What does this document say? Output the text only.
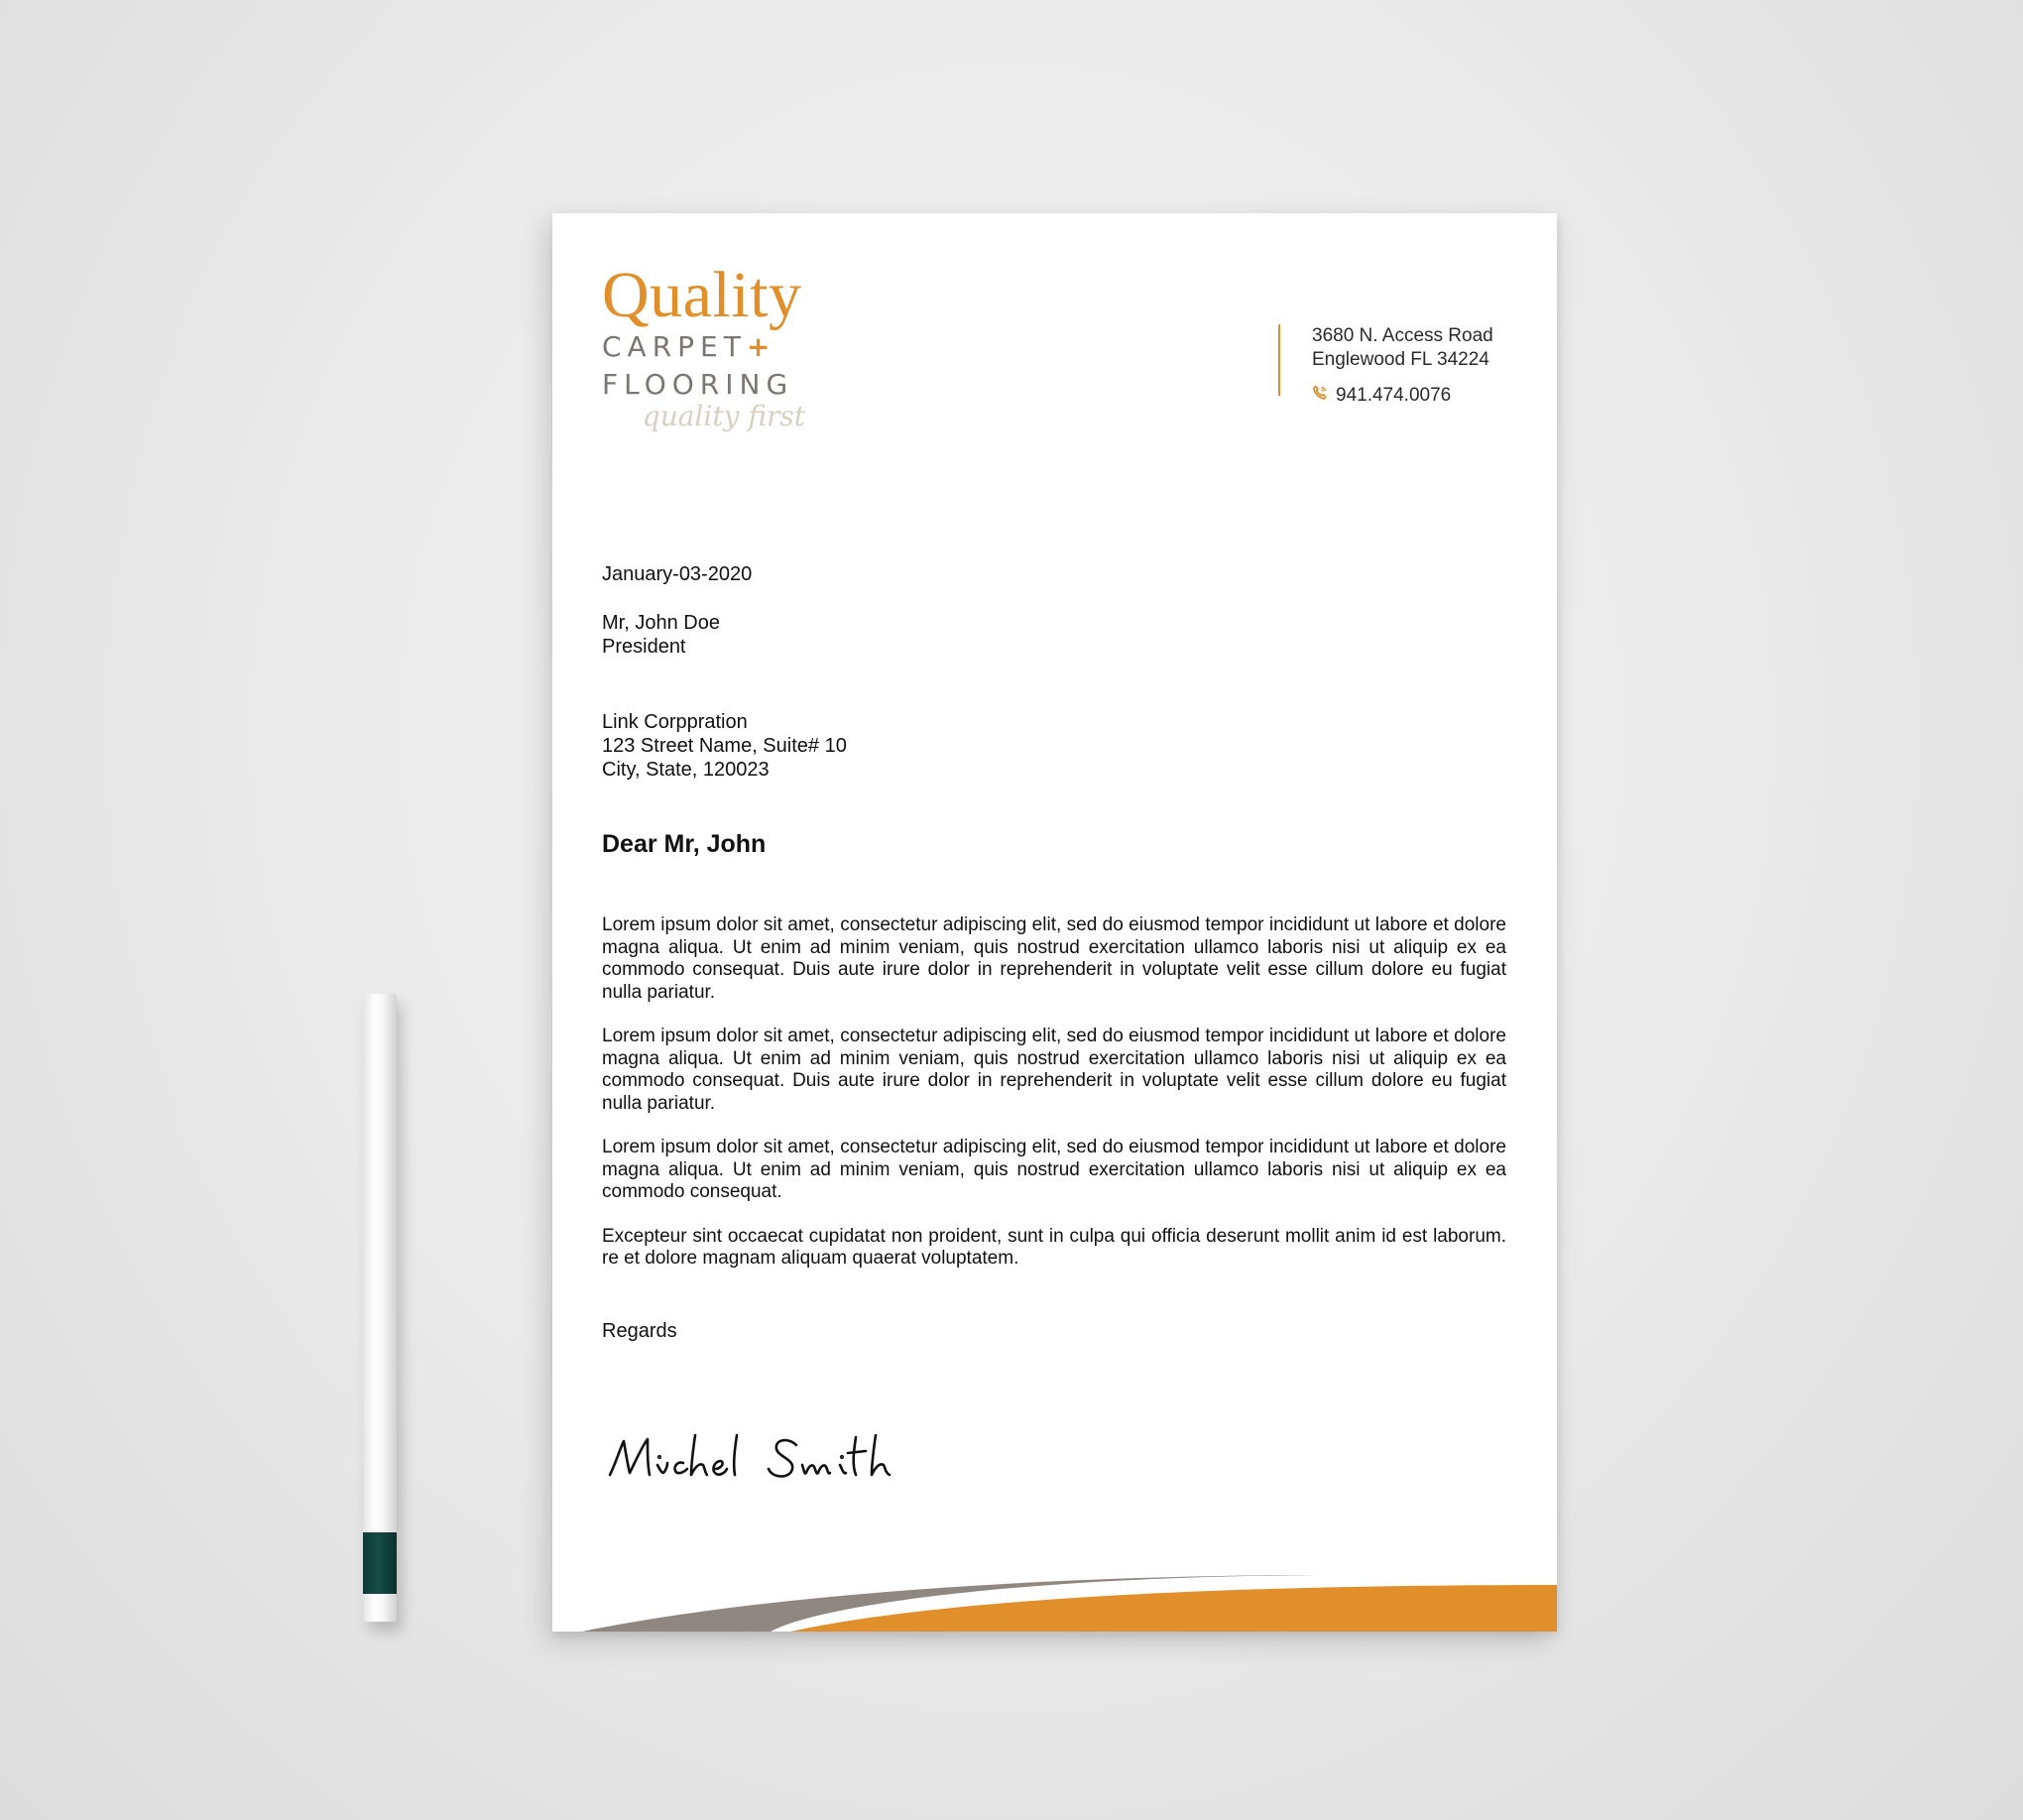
Quality
CARPET+
FLOORING
quality first
3680 N. Access Road
Englewood FL 34224
941.474.0076
January-03-2020
Mr, John Doe
President
Link Corppration
123 Street Name, Suite# 10
City, State, 120023
Dear Mr, John

Lorem ipsum dolor sit amet, consectetur adipiscing elit, sed do eiusmod tempor incididunt ut labore et dolore magna aliqua. Ut enim ad minim veniam, quis nostrud exercitation ullamco laboris nisi ut aliquip ex ea commodo consequat. Duis aute irure dolor in reprehenderit in voluptate velit esse cillum dolore eu fugiat nulla pariatur.

Lorem ipsum dolor sit amet, consectetur adipiscing elit, sed do eiusmod tempor incididunt ut labore et dolore magna aliqua. Ut enim ad minim veniam, quis nostrud exercitation ullamco laboris nisi ut aliquip ex ea commodo consequat. Duis aute irure dolor in reprehenderit in voluptate velit esse cillum dolore eu fugiat nulla pariatur.

Lorem ipsum dolor sit amet, consectetur adipiscing elit, sed do eiusmod tempor incididunt ut labore et dolore magna aliqua. Ut enim ad minim veniam, quis nostrud exercitation ullamco laboris nisi ut aliquip ex ea commodo consequat.

Excepteur sint occaecat cupidatat non proident, sunt in culpa qui officia deserunt mollit anim id est laborum. re et dolore magnam aliquam quaerat voluptatem.

Regards
